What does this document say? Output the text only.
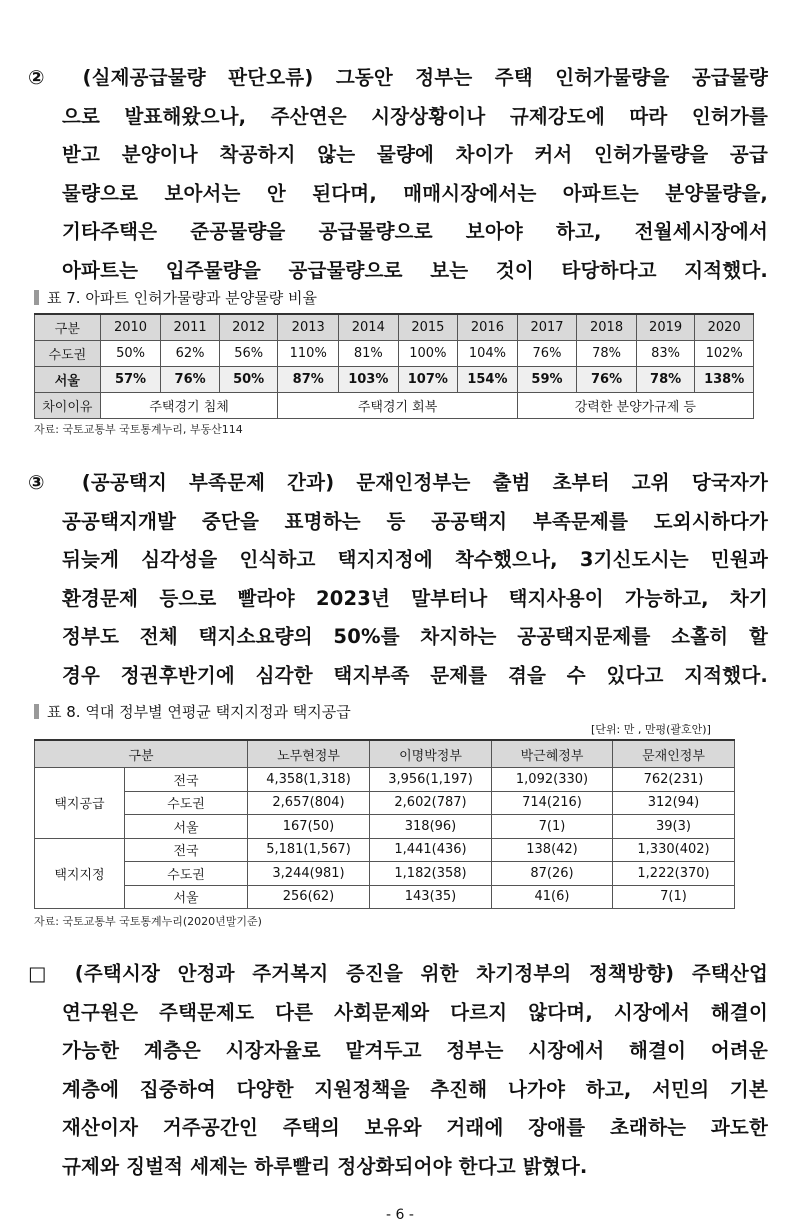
② (실제공급물량 판단오류) 그동안 정부는 주택 인허가물량을 공급물량
으로 발표해왔으나, 주산연은 시장상황이나 규제강도에 따라 인허가를
받고 분양이나 착공하지 않는 물량에 차이가 커서 인허가물량을 공급
물량으로 보아서는 안 된다며, 매매시장에서는 아파트는 분양물량을,
기타주택은 준공물량을 공급물량으로 보아야 하고, 전월세시장에서
아파트는 입주물량을 공급물량으로 보는 것이 타당하다고 지적했다.
표 7. 아파트 인허가물량과 분양물량 비율
구분	2010	2011	2012	2013	2014	2015	2016	2017	2018	2019	2020
수도권	50%	62%	56%	110%	81%	100%	104%	76%	78%	83%	102%
서울	57%	76%	50%	87%	103%	107%	154%	59%	76%	78%	138%
차이이유	주택경기 침체			주택경기 회복				강력한 분양가규제 등			
자료: 국토교통부 국토통계누리, 부동산114
③ (공공택지 부족문제 간과) 문재인정부는 출범 초부터 고위 당국자가
공공택지개발 중단을 표명하는 등 공공택지 부족문제를 도외시하다가
뒤늦게 심각성을 인식하고 택지지정에 착수했으나, 3기신도시는 민원과
환경문제 등으로 빨라야 2023년 말부터나 택지사용이 가능하고, 차기
정부도 전체 택지소요량의 50%를 차지하는 공공택지문제를 소홀히 할
경우 정권후반기에 심각한 택지부족 문제를 겪을 수 있다고 지적했다.
표 8. 역대 정부별 연평균 택지지정과 택지공급
[단위: 만 , 만평(괄호안)]
구분		노무현정부	이명박정부	박근혜정부	문재인정부
택지공급	전국	4,358(1,318)	3,956(1,197)	1,092(330)	762(231)
	수도권	2,657(804)	2,602(787)	714(216)	312(94)
	서울	167(50)	318(96)	7(1)	39(3)
택지지정	전국	5,181(1,567)	1,441(436)	138(42)	1,330(402)
	수도권	3,244(981)	1,182(358)	87(26)	1,222(370)
	서울	256(62)	143(35)	41(6)	7(1)
자료: 국토교통부 국토통계누리(2020년말기준)
□ (주택시장 안정과 주거복지 증진을 위한 차기정부의 정책방향) 주택산업
연구원은 주택문제도 다른 사회문제와 다르지 않다며, 시장에서 해결이
가능한 계층은 시장자율로 맡겨두고 정부는 시장에서 해결이 어려운
계층에 집중하여 다양한 지원정책을 추진해 나가야 하고, 서민의 기본
재산이자 거주공간인 주택의 보유와 거래에 장애를 초래하는 과도한
규제와 징벌적 세제는 하루빨리 정상화되어야 한다고 밝혔다.
- 6 -
